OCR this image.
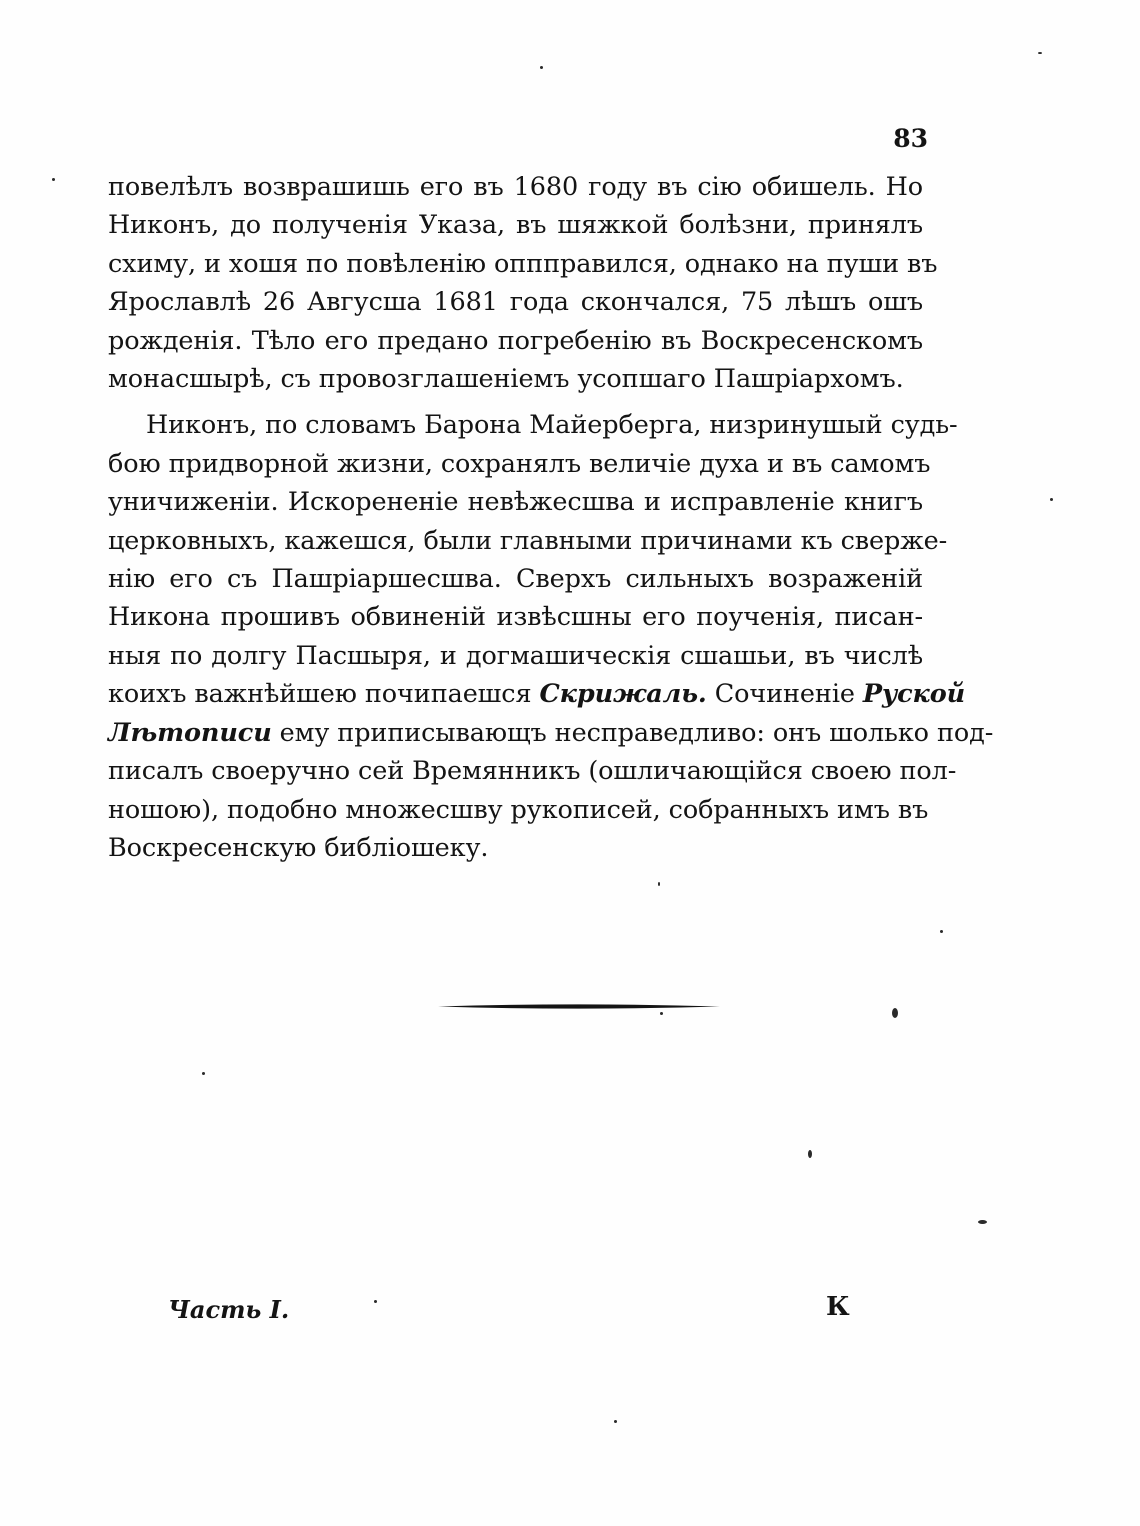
83

повелѣлъ возврашишь его въ 1680 году въ сію обишель. Но
Никонъ, до полученія Указа, въ шяжкой болѣзни, принялъ
схиму, и хошя по повѣленію оппправился, однако на пуши въ
Ярославлѣ 26 Авгусша 1681 года скончался, 75 лѣшъ ошъ
рожденія. Тѣло его предано погребенію въ Воскресенскомъ
монасшырѣ, съ провозглашеніемъ усопшаго Пашріархомъ.

Никонъ, по словамъ Барона Майерберга, низринушый судь-
бою придворной жизни, сохранялъ величіе духа и въ самомъ
уничиженіи. Искорененіе невѣжесшва и исправленіе книгъ
церковныхъ, кажешся, были главными причинами къ сверже-
нію его съ Пашріаршесшва. Сверхъ сильныхъ возраженій
Никона прошивъ обвиненій извѣсшны его поученія, писан-
ныя по долгу Пасшыря, и догмашическія сшашьи, въ числѣ
коихъ важнѣйшею почипаешся Скрижаль. Сочиненіе Руской
Лѣтописи ему приписывающъ несправедливо: онъ шолько под-
писалъ своеручно сей Времянникъ (ошличающійся своею пол-
ношою), подобно множесшву рукописей, собранныхъ имъ въ
Воскресенскую библіошеку.

Часть I.	К
